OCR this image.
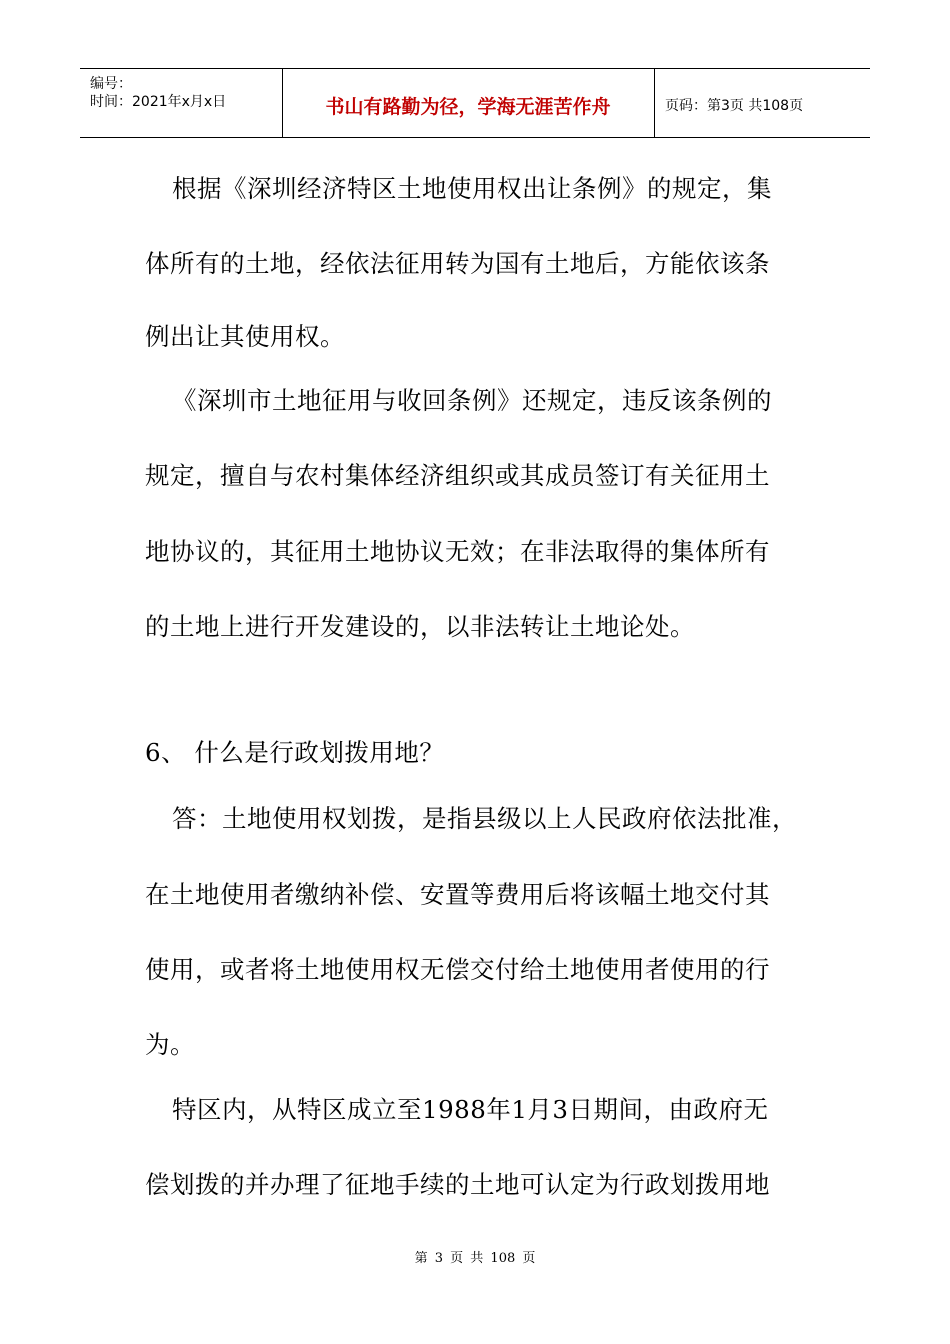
编号：
时间：2021年x月x日	书山有路勤为径，学海无涯苦作舟	页码：第3页 共108页
根据《深圳经济特区土地使用权出让条例》的规定，集
体所有的土地，经依法征用转为国有土地后，方能依该条
例出让其使用权。
《深圳市土地征用与收回条例》还规定，违反该条例的
规定，擅自与农村集体经济组织或其成员签订有关征用土
地协议的，其征用土地协议无效；在非法取得的集体所有
的土地上进行开发建设的，以非法转让土地论处。
6、 什么是行政划拨用地？
答：土地使用权划拨，是指县级以上人民政府依法批准，
在土地使用者缴纳补偿、安置等费用后将该幅土地交付其
使用，或者将土地使用权无偿交付给土地使用者使用的行
为。
特区内，从特区成立至1988年1月3日期间，由政府无
偿划拨的并办理了征地手续的土地可认定为行政划拨用地
第 3 页 共 108 页
